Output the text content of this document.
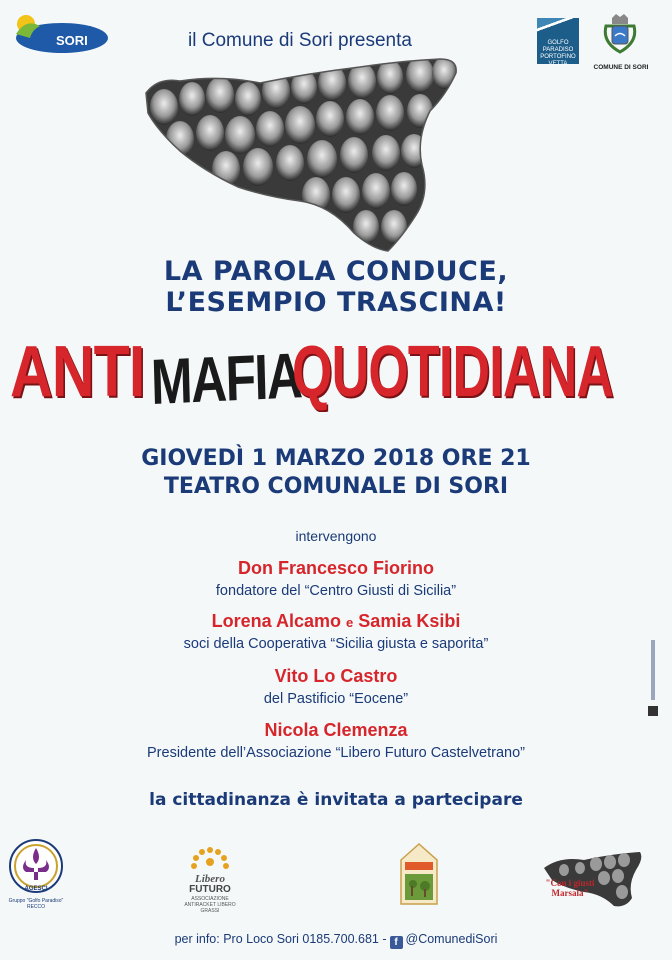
PRO LOCO
SORI	il Comune di Sori presenta	GOLFO
PARADISO
PORTOFINO
VETTA	COMUNE DI SORI
LA PAROLA CONDUCE,
L’ESEMPIO TRASCINA!
ANTI MAFIA
QUOTIDIANA
GIOVEDÌ 1 MARZO 2018 ORE 21
TEATRO COMUNALE DI SORI
intervengono
Don Francesco Fiorino
fondatore del “Centro Giusti di Sicilia”
Lorena Alcamo e Samia Ksibi
soci della Cooperativa “Sicilia giusta e saporita”
Vito Lo Castro
del Pastificio “Eocene”
Nicola Clemenza
Presidente dell’Associazione “Libero Futuro Castelvetrano”
la cittadinanza è invitata a partecipare
AGESCI
Gruppo "Golfo Paradiso" RECCO
Libero
FUTURO
ASSOCIAZIONE ANTIRACKET LIBERO GRASSI
"Con i giusti Marsala"
per info: Pro Loco Sori 0185.700.681 - f @ComunediSori
